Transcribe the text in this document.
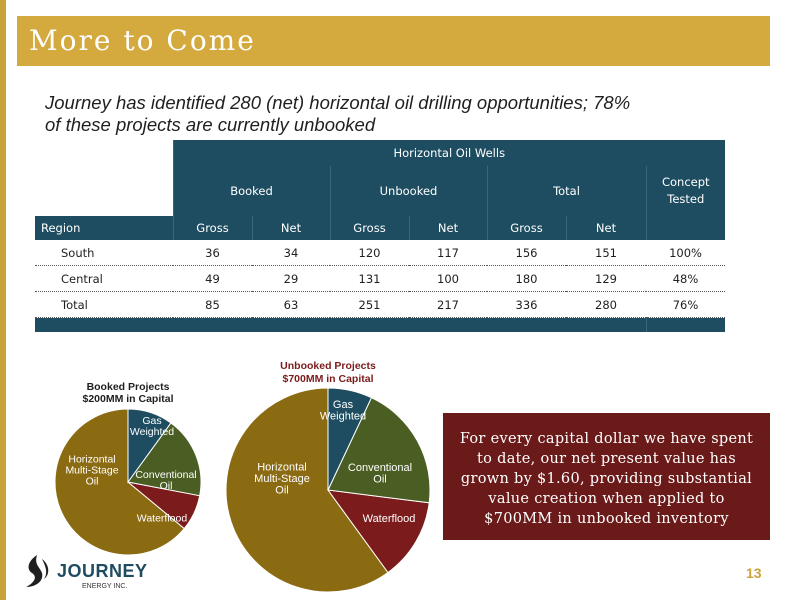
More to Come
Journey has identified 280 (net) horizontal oil drilling opportunities; 78%
of these projects are currently unbooked
	Horizontal Oil Wells						
	Booked		Unbooked		Total		Concept
Tested

Region	Gross	Net	Gross	Net	Gross	Net	
South	36	34	120	117	156	151	100%
Central	49	29	131	100	180	129	48%
Total	85	63	251	217	336	280	76%

Booked Projects
$200MM in Capital
Unbooked Projects
$700MM in Capital
Gas Weighted
Conventional Oil
Waterflood
Horizontal Multi-Stage Oil
Gas Weighted
Conventional Oil
Waterflood
Horizontal Multi-Stage Oil
For every capital dollar we have spent
to date, our net present value has
grown by $1.60, providing substantial
value creation when applied to
$700MM in unbooked inventory
JOURNEY
ENERGY INC.
13
